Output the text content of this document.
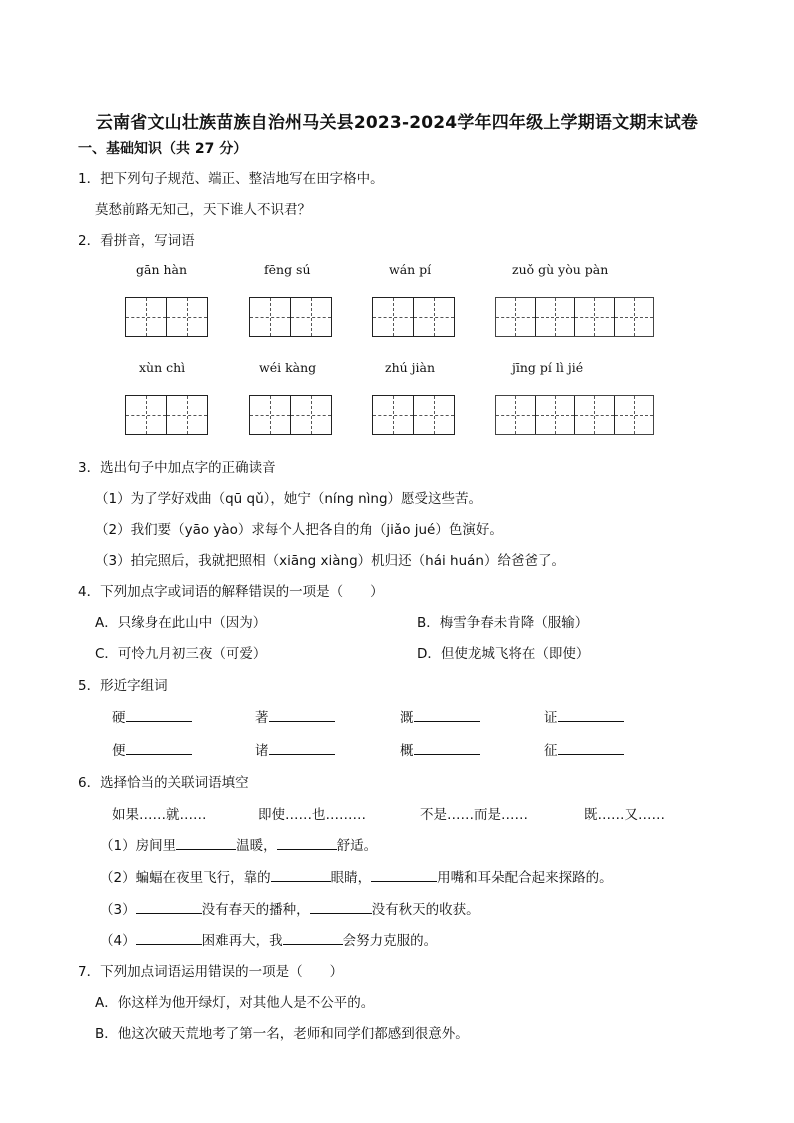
云南省文山壮族苗族自治州马关县2023-2024学年四年级上学期语文期末试卷
一、基础知识（共 27 分）
1．把下列句子规范、端正、整洁地写在田字格中。
莫愁前路无知己，天下谁人不识君？
2．看拼音，写词语
gān hàn	fēng sú	wán pí	zuǒ gù yòu pàn
xùn chì	wéi kàng	zhú jiàn	jīng pí lì jié
3．选出句子中加点字的正确读音
（1）为了学好戏曲（qū qǔ），她宁（níng nìng）愿受这些苦。
（2）我们要（yāo yào）求每个人把各自的角（jiǎo jué）色演好。
（3）拍完照后，我就把照相（xiāng xiàng）机归还（hái huán）给爸爸了。
4．下列加点字或词语的解释错误的一项是（　　）
A．只缘身在此山中（因为）	B．梅雪争春未肯降（服输）
C．可怜九月初三夜（可爱）	D．但使龙城飞将在（即使）
5．形近字组词
硬	著	溉	证
便	诸	概	征
6．选择恰当的关联词语填空
如果……就……	即使……也………	不是……而是……	既……又……
（1）房间里	温暖，	舒适。
（2）蝙蝠在夜里飞行，靠的	眼睛，	用嘴和耳朵配合起来探路的。
（3）	没有春天的播种，	没有秋天的收获。
（4）	困难再大，我	会努力克服的。
7．下列加点词语运用错误的一项是（　　）
A．你这样为他开绿灯，对其他人是不公平的。
B．他这次破天荒地考了第一名，老师和同学们都感到很意外。
